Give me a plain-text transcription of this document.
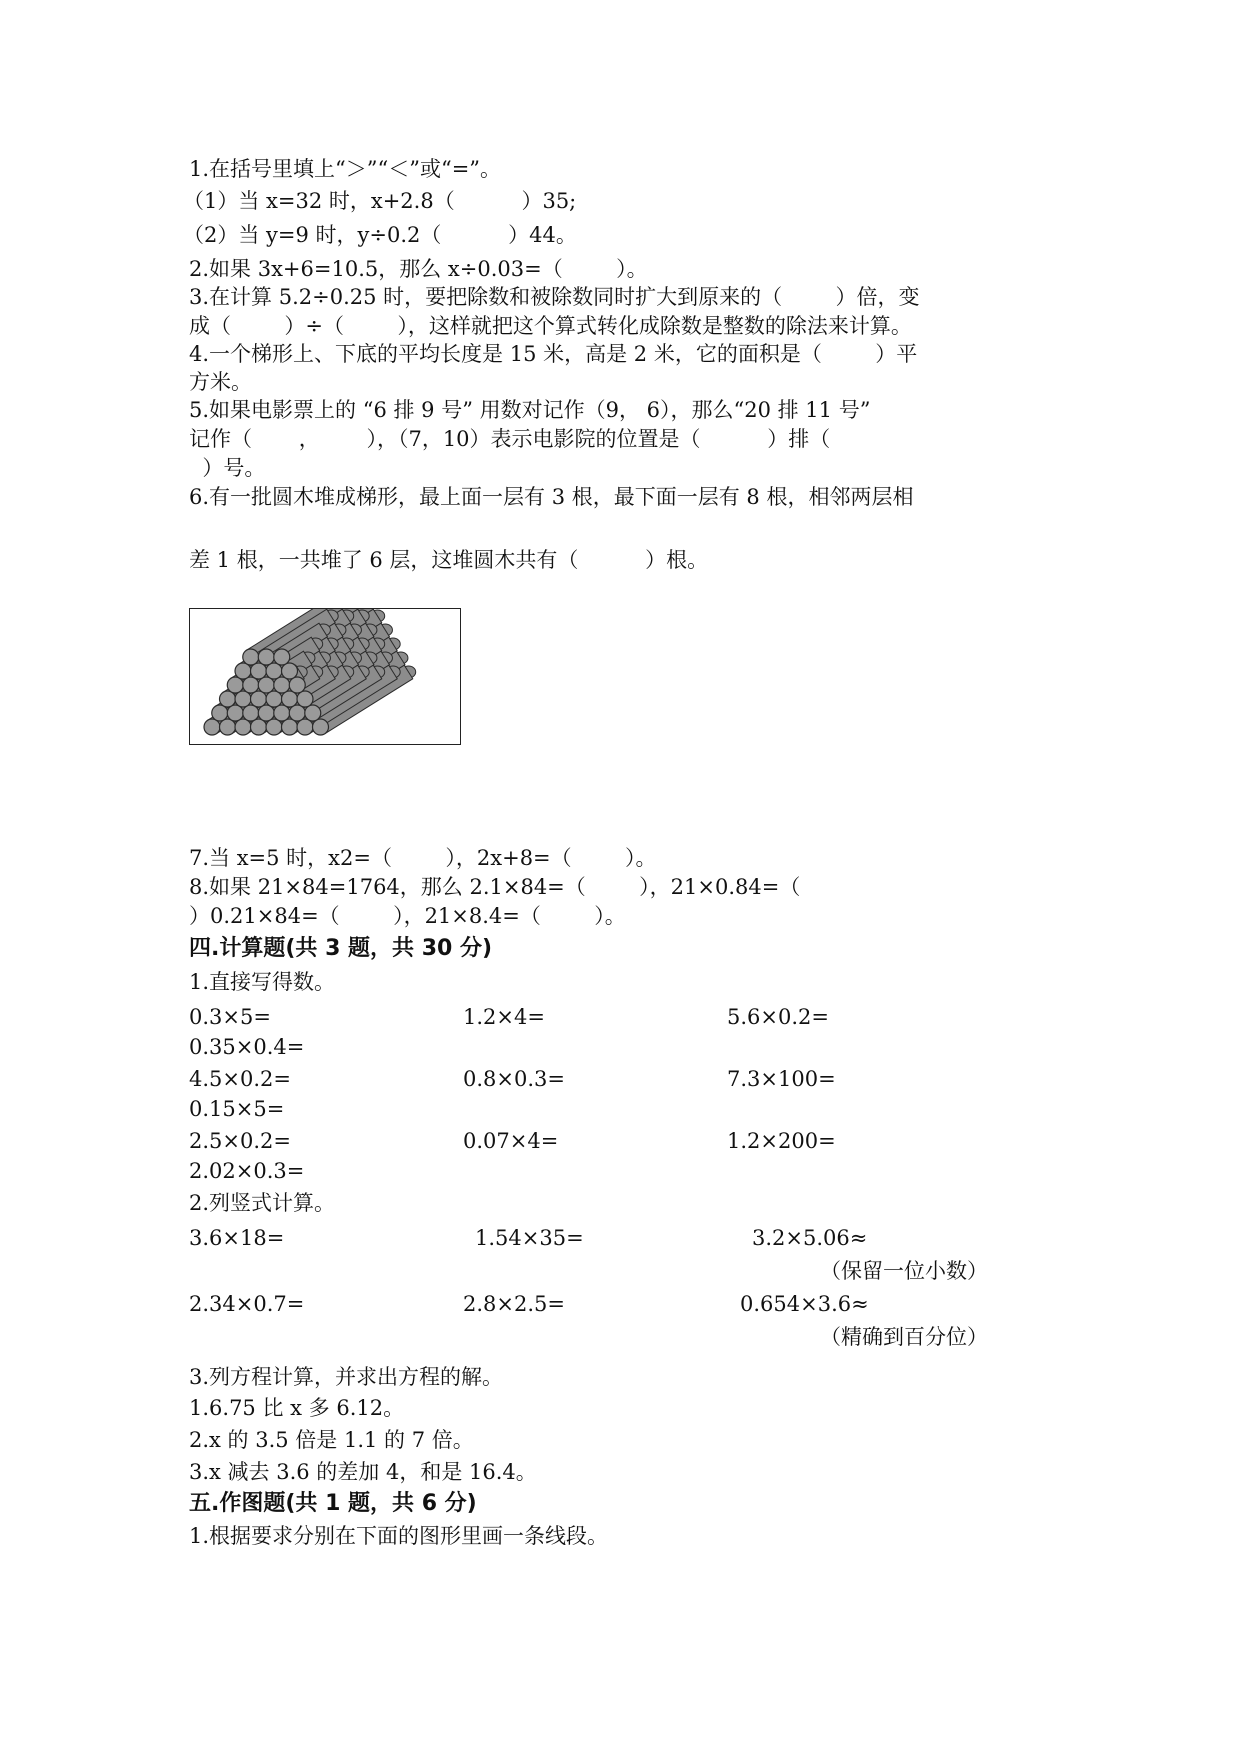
1.在括号里填上“＞”“＜”或“=”。
（1）当 x=32 时，x+2.8（          ）35;
（2）当 y=9 时，y÷0.2（          ）44。
2.如果 3x+6=10.5，那么 x÷0.03=（        ）。
3.在计算 5.2÷0.25 时，要把除数和被除数同时扩大到原来的（        ）倍，变
成（        ）÷（        ），这样就把这个算式转化成除数是整数的除法来计算。
4.一个梯形上、下底的平均长度是 15 米，高是 2 米，它的面积是（        ）平
方米。
5.如果电影票上的 “6 排 9 号” 用数对记作（9， 6），那么“20 排 11 号”
记作（       ，       ），（7，10）表示电影院的位置是（          ）排（
）号。
6.有一批圆木堆成梯形，最上面一层有 3 根，最下面一层有 8 根，相邻两层相
差 1 根，一共堆了 6 层，这堆圆木共有（          ）根。
7.当 x=5 时，x2=（        ），2x+8=（        ）。
8.如果 21×84=1764，那么 2.1×84=（        ），21×0.84=（
）0.21×84=（        ），21×8.4=（        ）。
四.计算题(共 3 题，共 30 分)
1.直接写得数。
0.3×5=	1.2×4=	5.6×0.2=
0.35×0.4=
4.5×0.2=	0.8×0.3=	7.3×100=
0.15×5=
2.5×0.2=	0.07×4=	1.2×200=
2.02×0.3=
2.列竖式计算。
3.6×18=	1.54×35=	3.2×5.06≈
（保留一位小数）
2.34×0.7=	2.8×2.5=	0.654×3.6≈
（精确到百分位）
3.列方程计算，并求出方程的解。
1.6.75 比 x 多 6.12。
2.x 的 3.5 倍是 1.1 的 7 倍。
3.x 减去 3.6 的差加 4，和是 16.4。
五.作图题(共 1 题，共 6 分)
1.根据要求分别在下面的图形里画一条线段。
